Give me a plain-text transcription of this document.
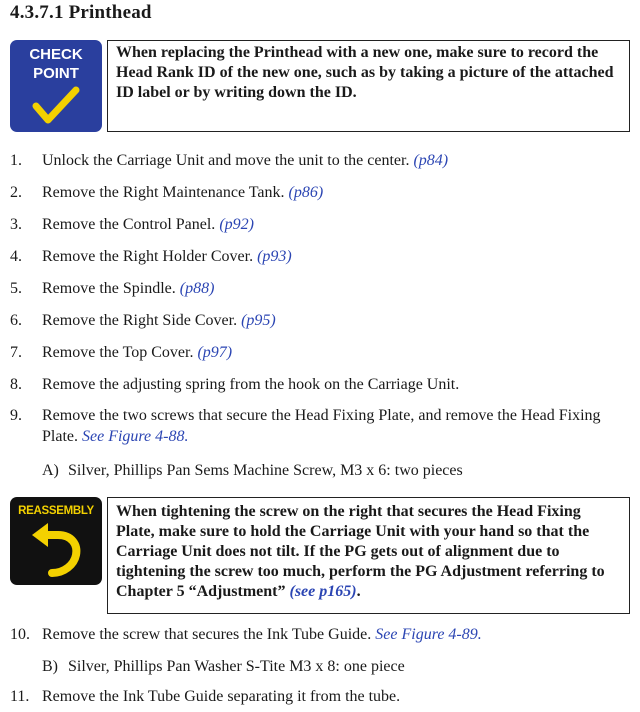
4.3.7.1 Printhead
CHECK
POINT
When replacing the Printhead with a new one, make sure to record the Head Rank ID of the new one, such as by taking a picture of the attached ID label or by writing down the ID.
1. Unlock the Carriage Unit and move the unit to the center. (p84)
2. Remove the Right Maintenance Tank. (p86)
3. Remove the Control Panel. (p92)
4. Remove the Right Holder Cover. (p93)
5. Remove the Spindle. (p88)
6. Remove the Right Side Cover. (p95)
7. Remove the Top Cover. (p97)
8. Remove the adjusting spring from the hook on the Carriage Unit.
9. Remove the two screws that secure the Head Fixing Plate, and remove the Head Fixing Plate. See Figure 4-88.
A) Silver, Phillips Pan Sems Machine Screw, M3 x 6: two pieces
REASSEMBLY	When tightening the screw on the right that secures the Head Fixing Plate, make sure to hold the Carriage Unit with your hand so that the Carriage Unit does not tilt. If the PG gets out of alignment due to tightening the screw too much, perform the PG Adjustment referring to Chapter 5 “Adjustment” (see p165).
10. Remove the screw that secures the Ink Tube Guide. See Figure 4-89.
B) Silver, Phillips Pan Washer S-Tite M3 x 8: one piece
11. Remove the Ink Tube Guide separating it from the tube.
